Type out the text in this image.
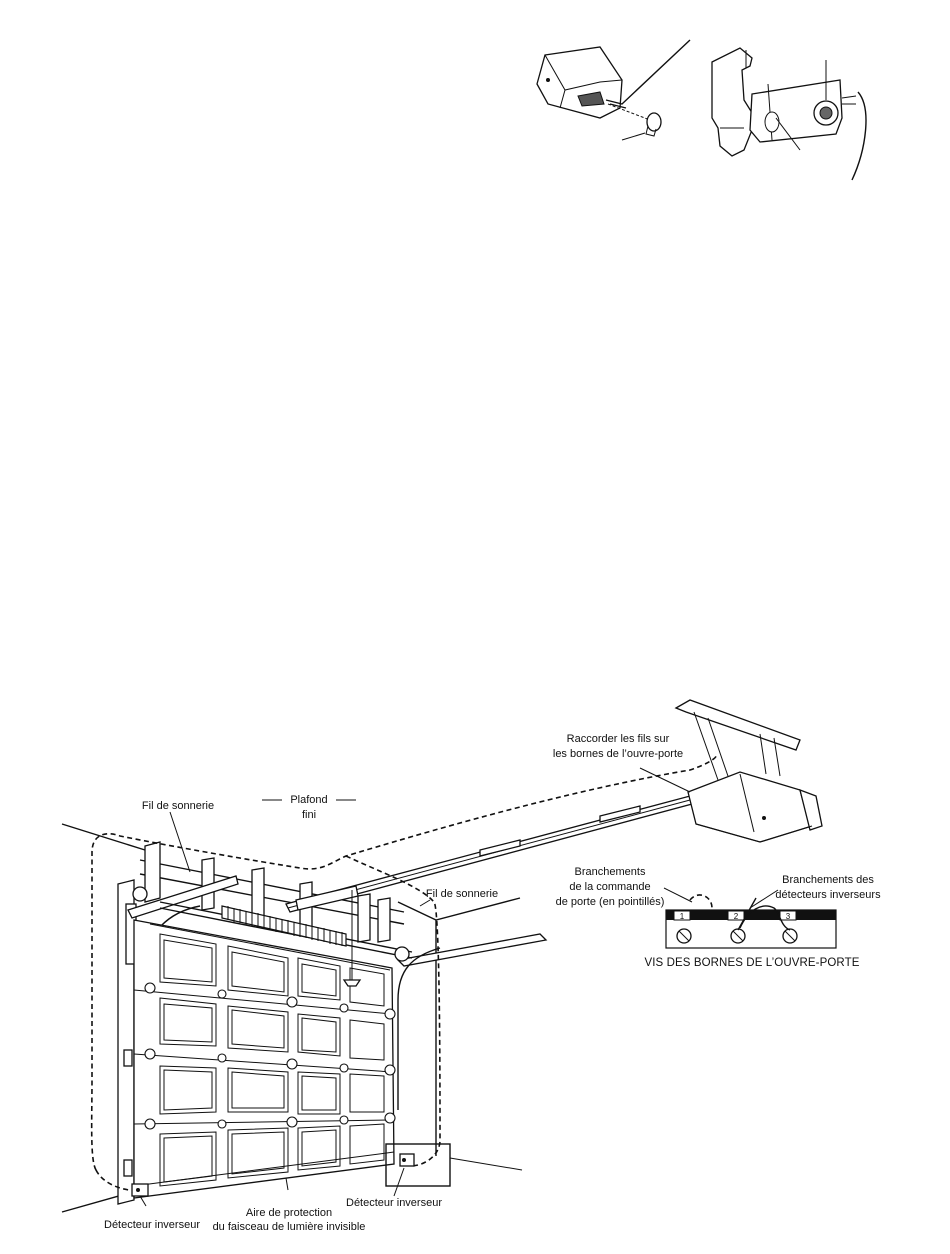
1	2	3
Raccorder les fils sur
les bornes de l’ouvre-porte
Fil de sonnerie	Plafond
fini
Fil de sonnerie
Branchements
de la commande
de porte (en pointillés)
Branchements des
détecteurs inverseurs
VIS DES BORNES DE L’OUVRE-PORTE
Détecteur inverseur
Aire de protection
du faisceau de lumière invisible
Détecteur inverseur
